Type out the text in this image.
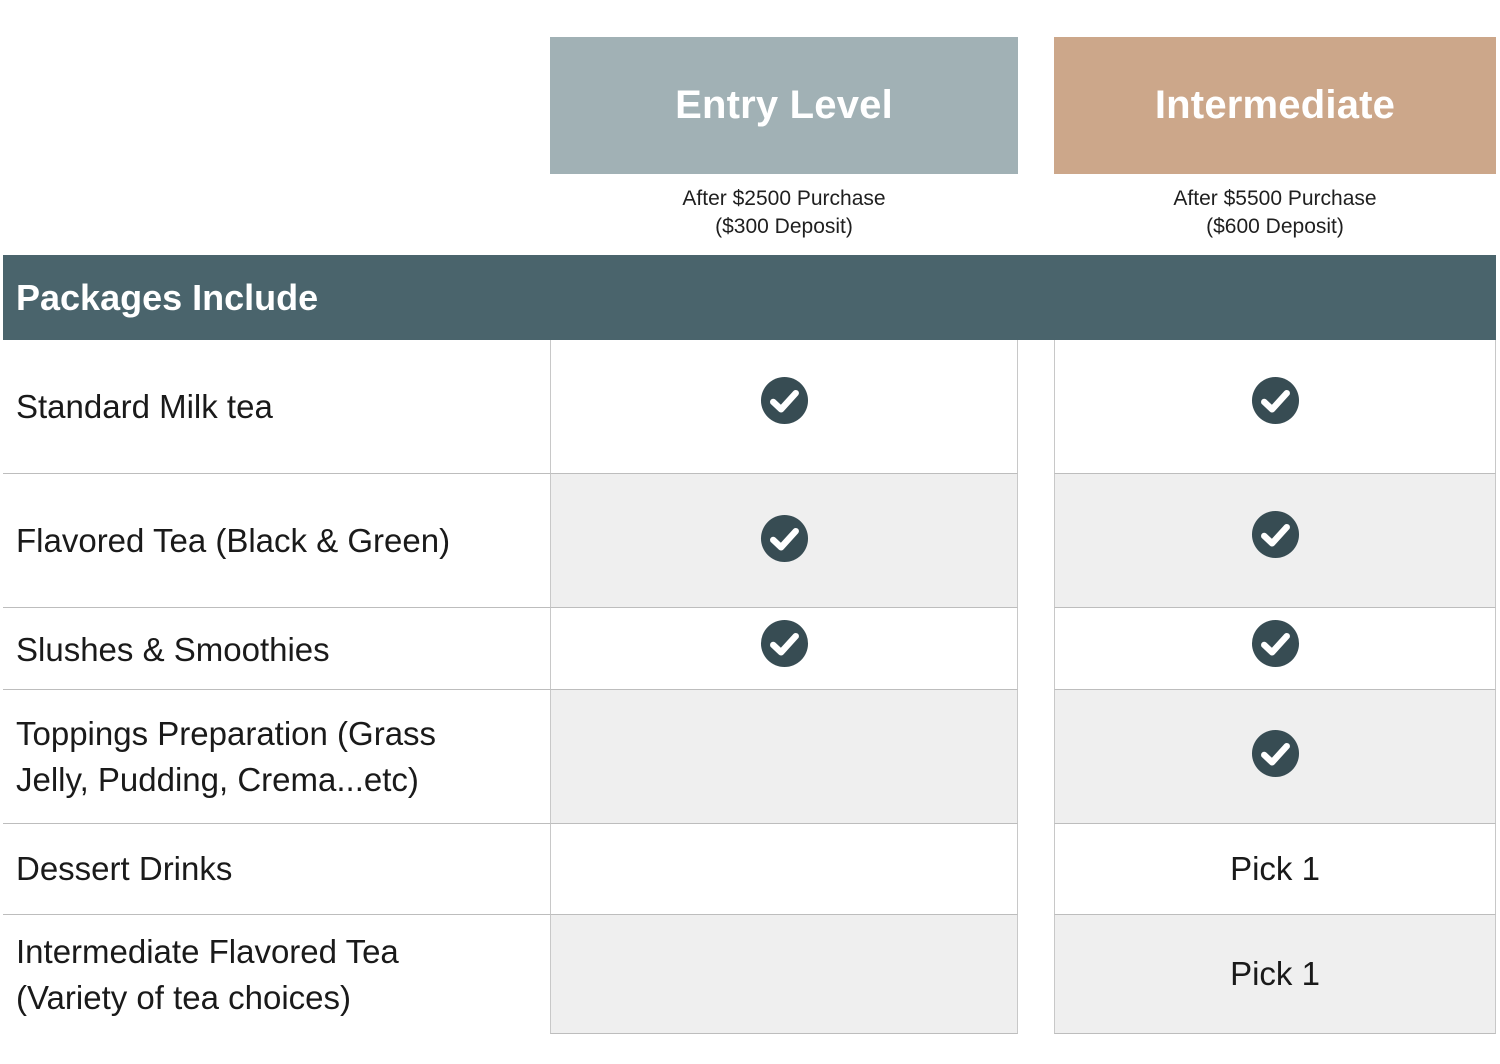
Entry Level	Intermediate
After $2500 Purchase
($300 Deposit)
After $5500 Purchase
($600 Deposit)
Packages Include
Standard Milk tea
Flavored Tea (Black & Green)
Slushes & Smoothies
Toppings Preparation (Grass
Jelly, Pudding, Crema...etc)
Dessert Drinks	Pick 1
Intermediate Flavored Tea
(Variety of tea choices)
Pick 1
